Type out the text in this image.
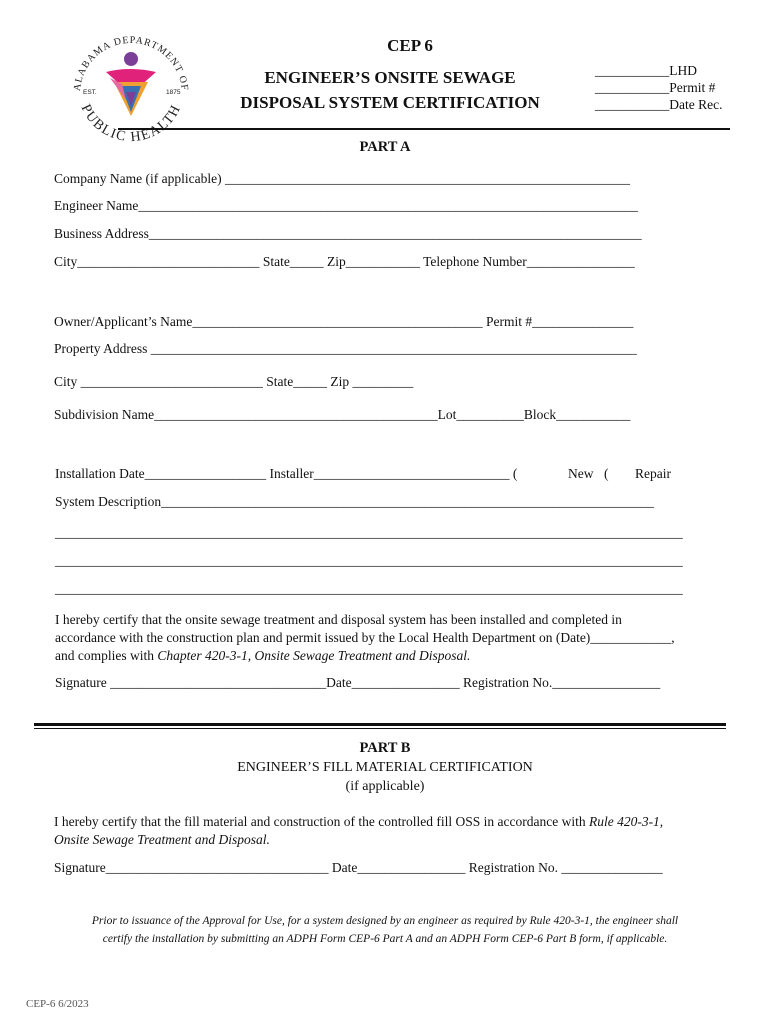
ALABAMA DEPARTMENT OF
PUBLIC HEALTH
EST.	1875
CEP 6
ENGINEER’S ONSITE SEWAGE
DISPOSAL SYSTEM CERTIFICATION
___________LHD
___________Permit #
___________Date Rec.
PART A
Company Name (if applicable) ____________________________________________________________
Engineer Name__________________________________________________________________________
Business Address_________________________________________________________________________
City___________________________ State_____ Zip___________ Telephone Number________________
Owner/Applicant’s Name___________________________________________ Permit #_______________
Property Address ________________________________________________________________________
City ___________________________ State_____ Zip _________
Subdivision Name__________________________________________Lot__________Block___________
Installation Date__________________ Installer_____________________________ (	New ( Repair
System Description_________________________________________________________________________
_____________________________________________________________________________________________
_____________________________________________________________________________________________
_____________________________________________________________________________________________
I hereby certify that the onsite sewage treatment and disposal system has been installed and completed in
accordance with the construction plan and permit issued by the Local Health Department on (Date)____________,
and complies with Chapter 420-3-1, Onsite Sewage Treatment and Disposal.
Signature ________________________________Date________________ Registration No.________________
PART B
ENGINEER’S FILL MATERIAL CERTIFICATION
(if applicable)
I hereby certify that the fill material and construction of the controlled fill OSS in accordance with Rule 420-3-1,
Onsite Sewage Treatment and Disposal.
Signature_________________________________ Date________________ Registration No. _______________
Prior to issuance of the Approval for Use, for a system designed by an engineer as required by Rule 420-3-1, the engineer shall
certify the installation by submitting an ADPH Form CEP-6 Part A and an ADPH Form CEP-6 Part B form, if applicable.
CEP-6 6/2023
